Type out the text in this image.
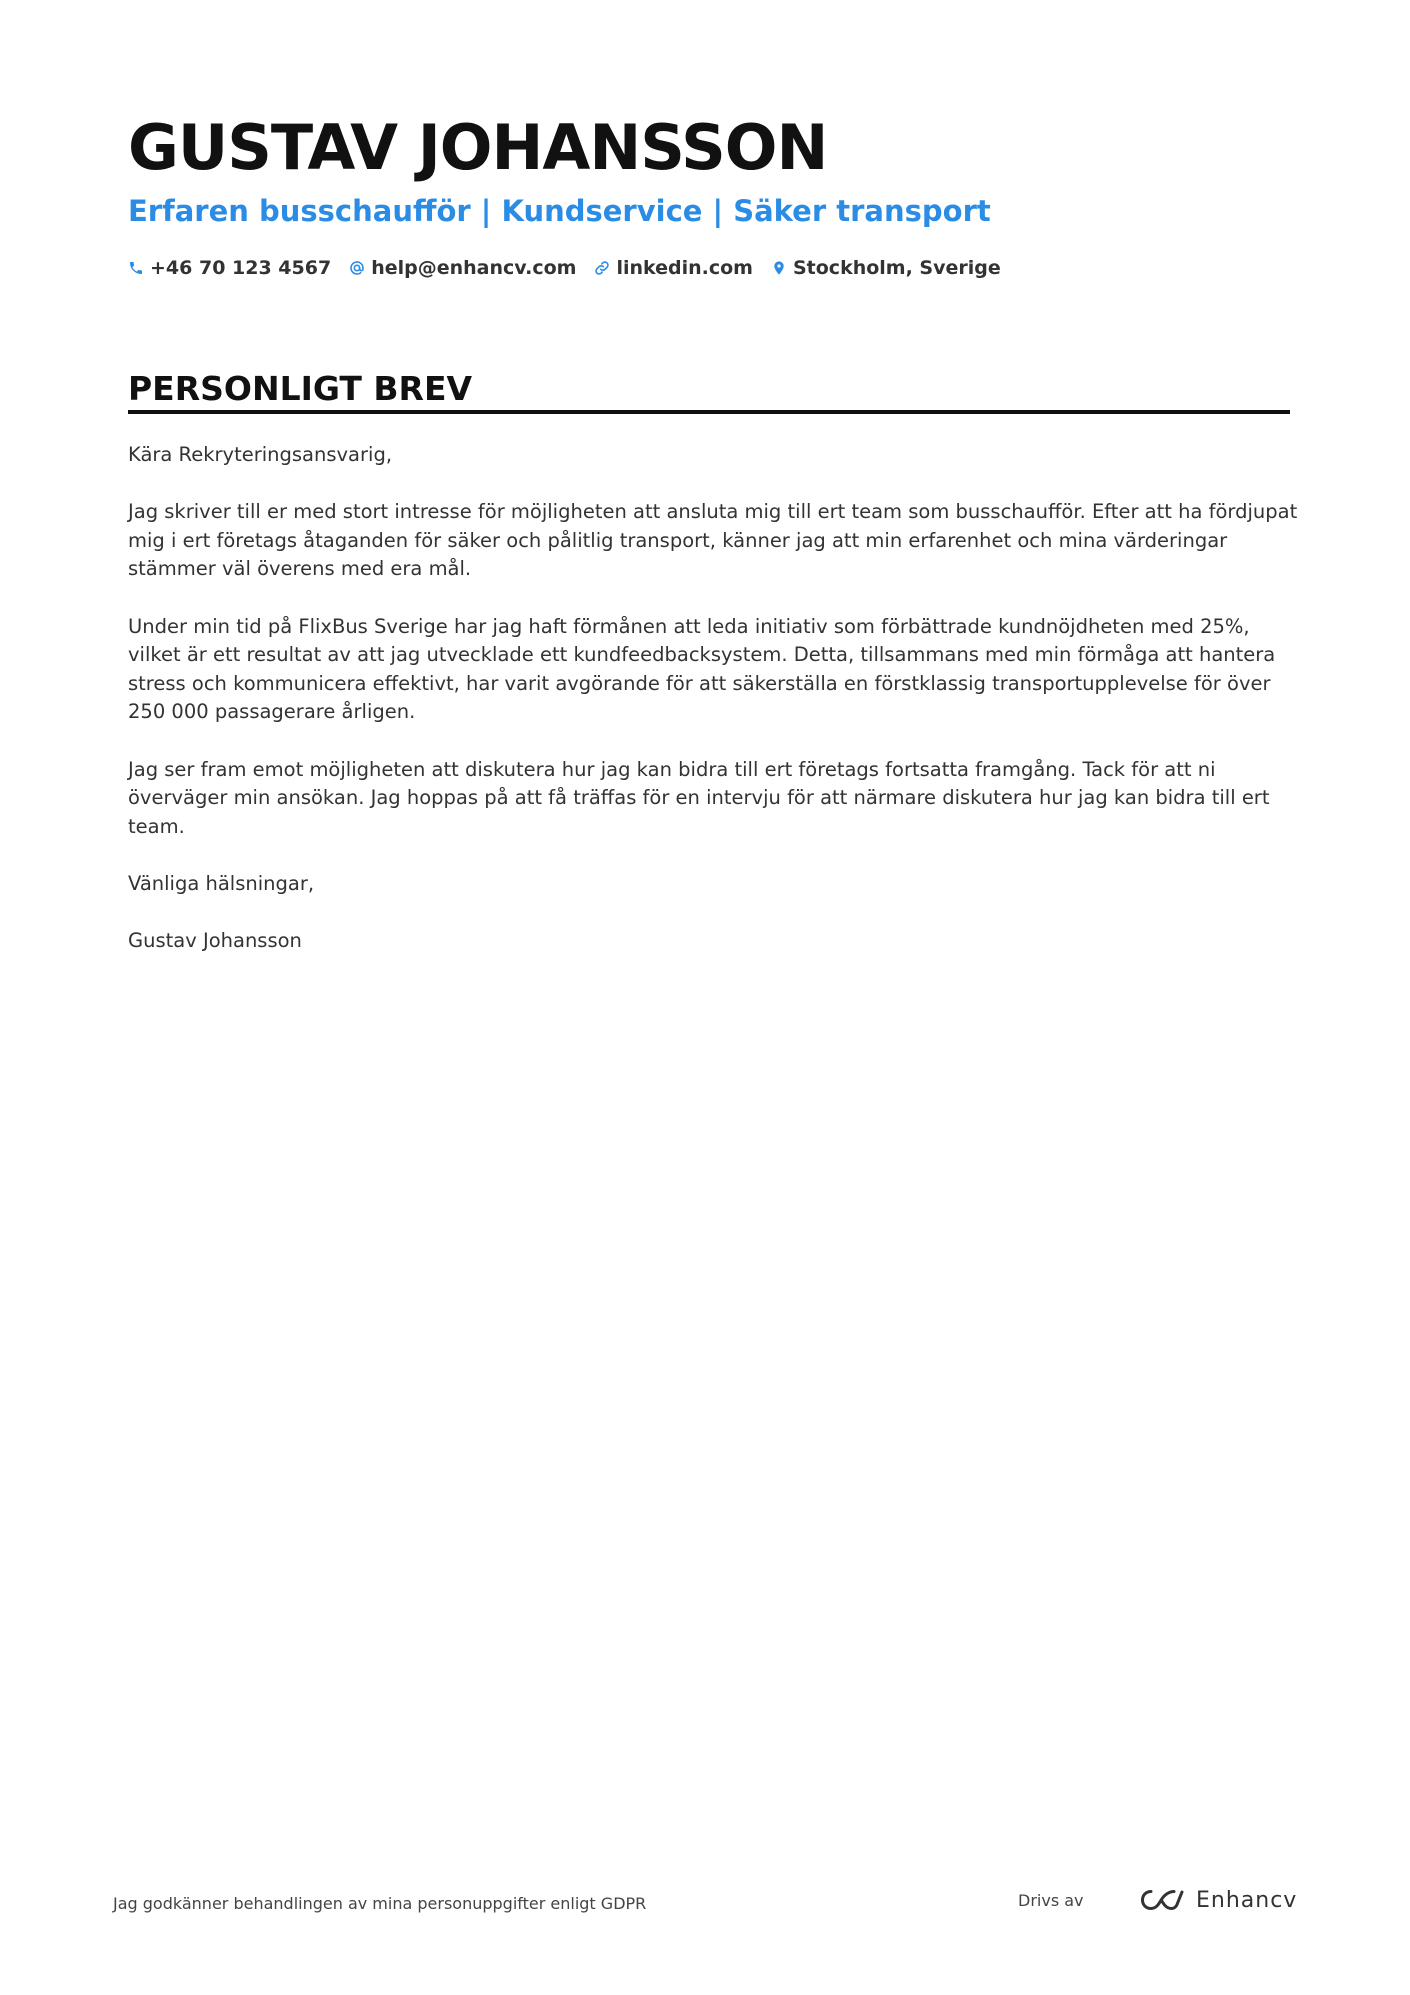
GUSTAV JOHANSSON
Erfaren busschaufför | Kundservice | Säker transport
+46 70 123 4567 help@enhancv.com linkedin.com Stockholm, Sverige
PERSONLIGT BREV

Kära Rekryteringsansvarig,

Jag skriver till er med stort intresse för möjligheten att ansluta mig till ert team som busschaufför. Efter att ha fördjupat mig i ert företags åtaganden för säker och pålitlig transport, känner jag att min erfarenhet och mina värderingar stämmer väl överens med era mål.

Under min tid på FlixBus Sverige har jag haft förmånen att leda initiativ som förbättrade kundnöjdheten med 25%, vilket är ett resultat av att jag utvecklade ett kundfeedbacksystem. Detta, tillsammans med min förmåga att hantera stress och kommunicera effektivt, har varit avgörande för att säkerställa en förstklassig transportupplevelse för över 250 000 passagerare årligen.

Jag ser fram emot möjligheten att diskutera hur jag kan bidra till ert företags fortsatta framgång. Tack för att ni överväger min ansökan. Jag hoppas på att få träffas för en intervju för att närmare diskutera hur jag kan bidra till ert team.

Vänliga hälsningar,

Gustav Johansson

Jag godkänner behandlingen av mina personuppgifter enligt GDPR	Drivs av	Enhancv
